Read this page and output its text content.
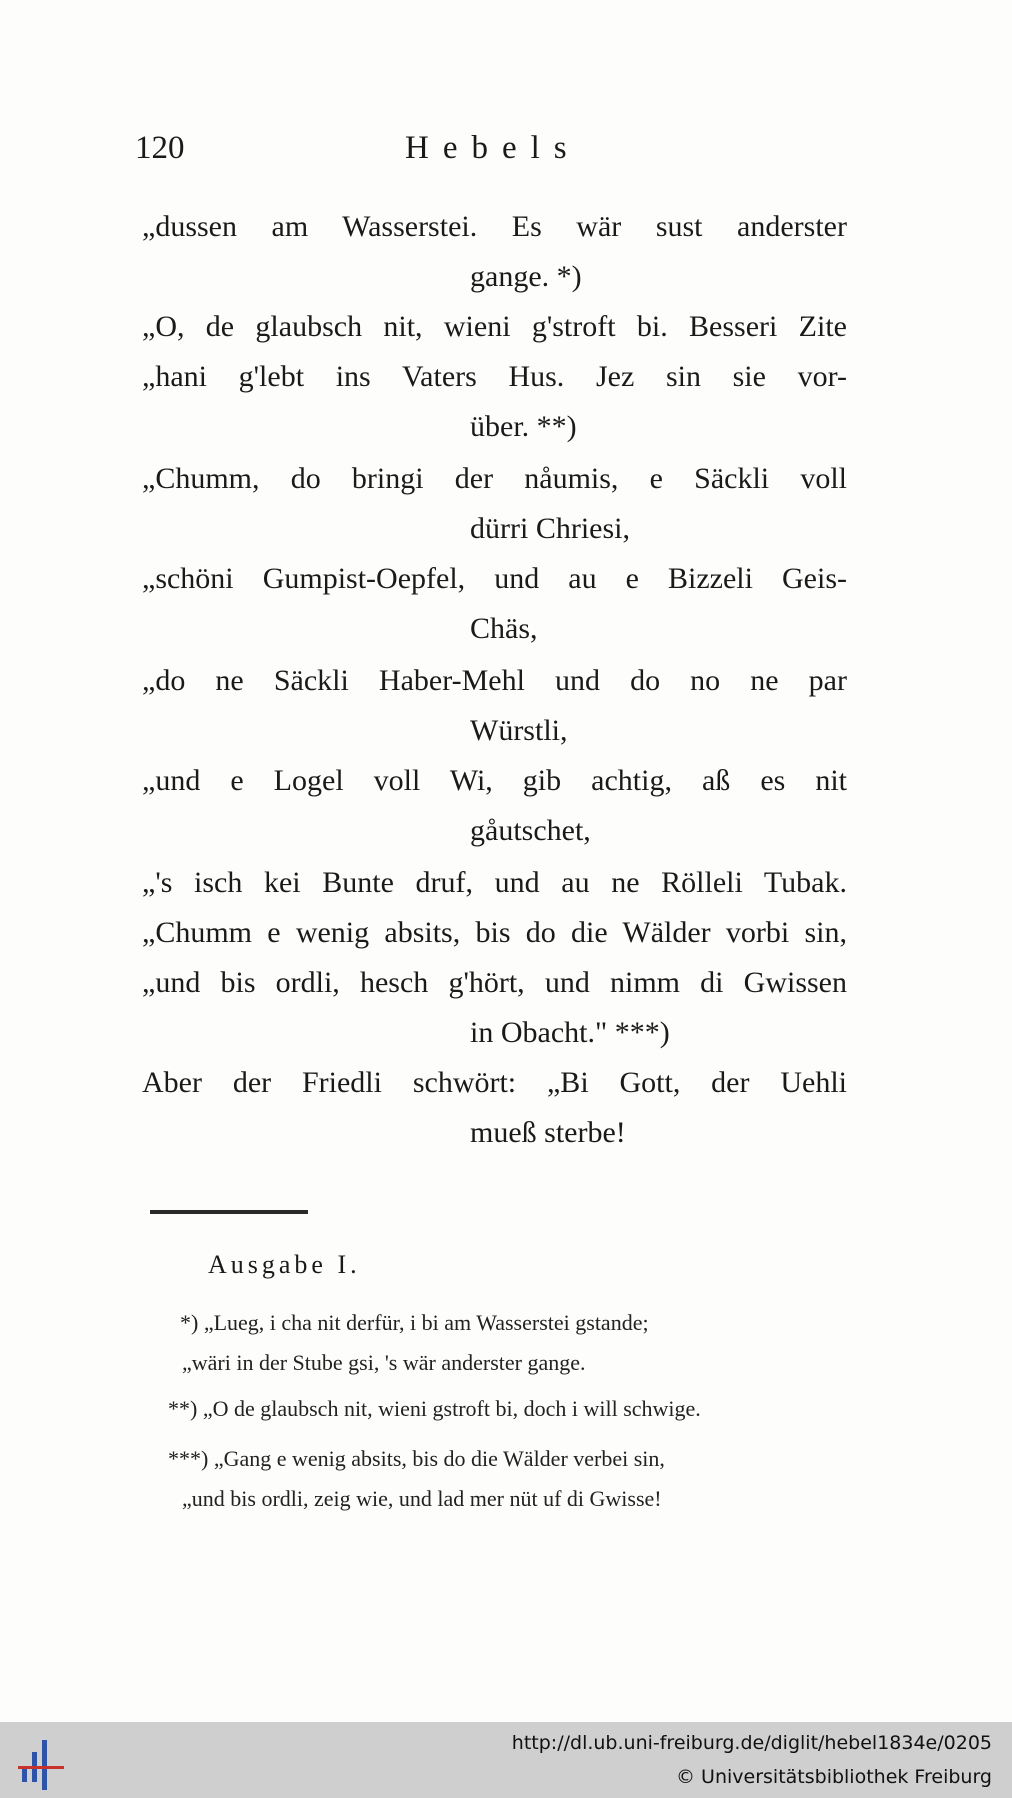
120	Hebels
„dussen am Wasserstei. Es wär sust anderster
gange. *)
„O, de glaubsch nit, wieni g'stroft bi. Besseri Zite
„hani g'lebt ins Vaters Hus. Jez sin sie vor-
über. **)
„Chumm, do bringi der nåumis, e Säckli voll
dürri Chriesi,
„schöni Gumpist-Oepfel, und au e Bizzeli Geis-
Chäs,
„do ne Säckli Haber-Mehl und do no ne par
Würstli,
„und e Logel voll Wi, gib achtig, aß es nit
gåutschet,
„'s isch kei Bunte druf, und au ne Rölleli Tubak.
„Chumm e wenig absits, bis do die Wälder vorbi sin,
„und bis ordli, hesch g'hört, und nimm di Gwissen
in Obacht." ***)
Aber der Friedli schwört: „Bi Gott, der Uehli
mueß sterbe!
Ausgabe I.
*) „Lueg, i cha nit derfür, i bi am Wasserstei gstande;
„wäri in der Stube gsi, 's wär anderster gange.
**) „O de glaubsch nit, wieni gstroft bi, doch i will schwige.
***) „Gang e wenig absits, bis do die Wälder verbei sin,
„und bis ordli, zeig wie, und lad mer nüt uf di Gwisse!
http://dl.ub.uni-freiburg.de/diglit/hebel1834e/0205
© Universitätsbibliothek Freiburg
